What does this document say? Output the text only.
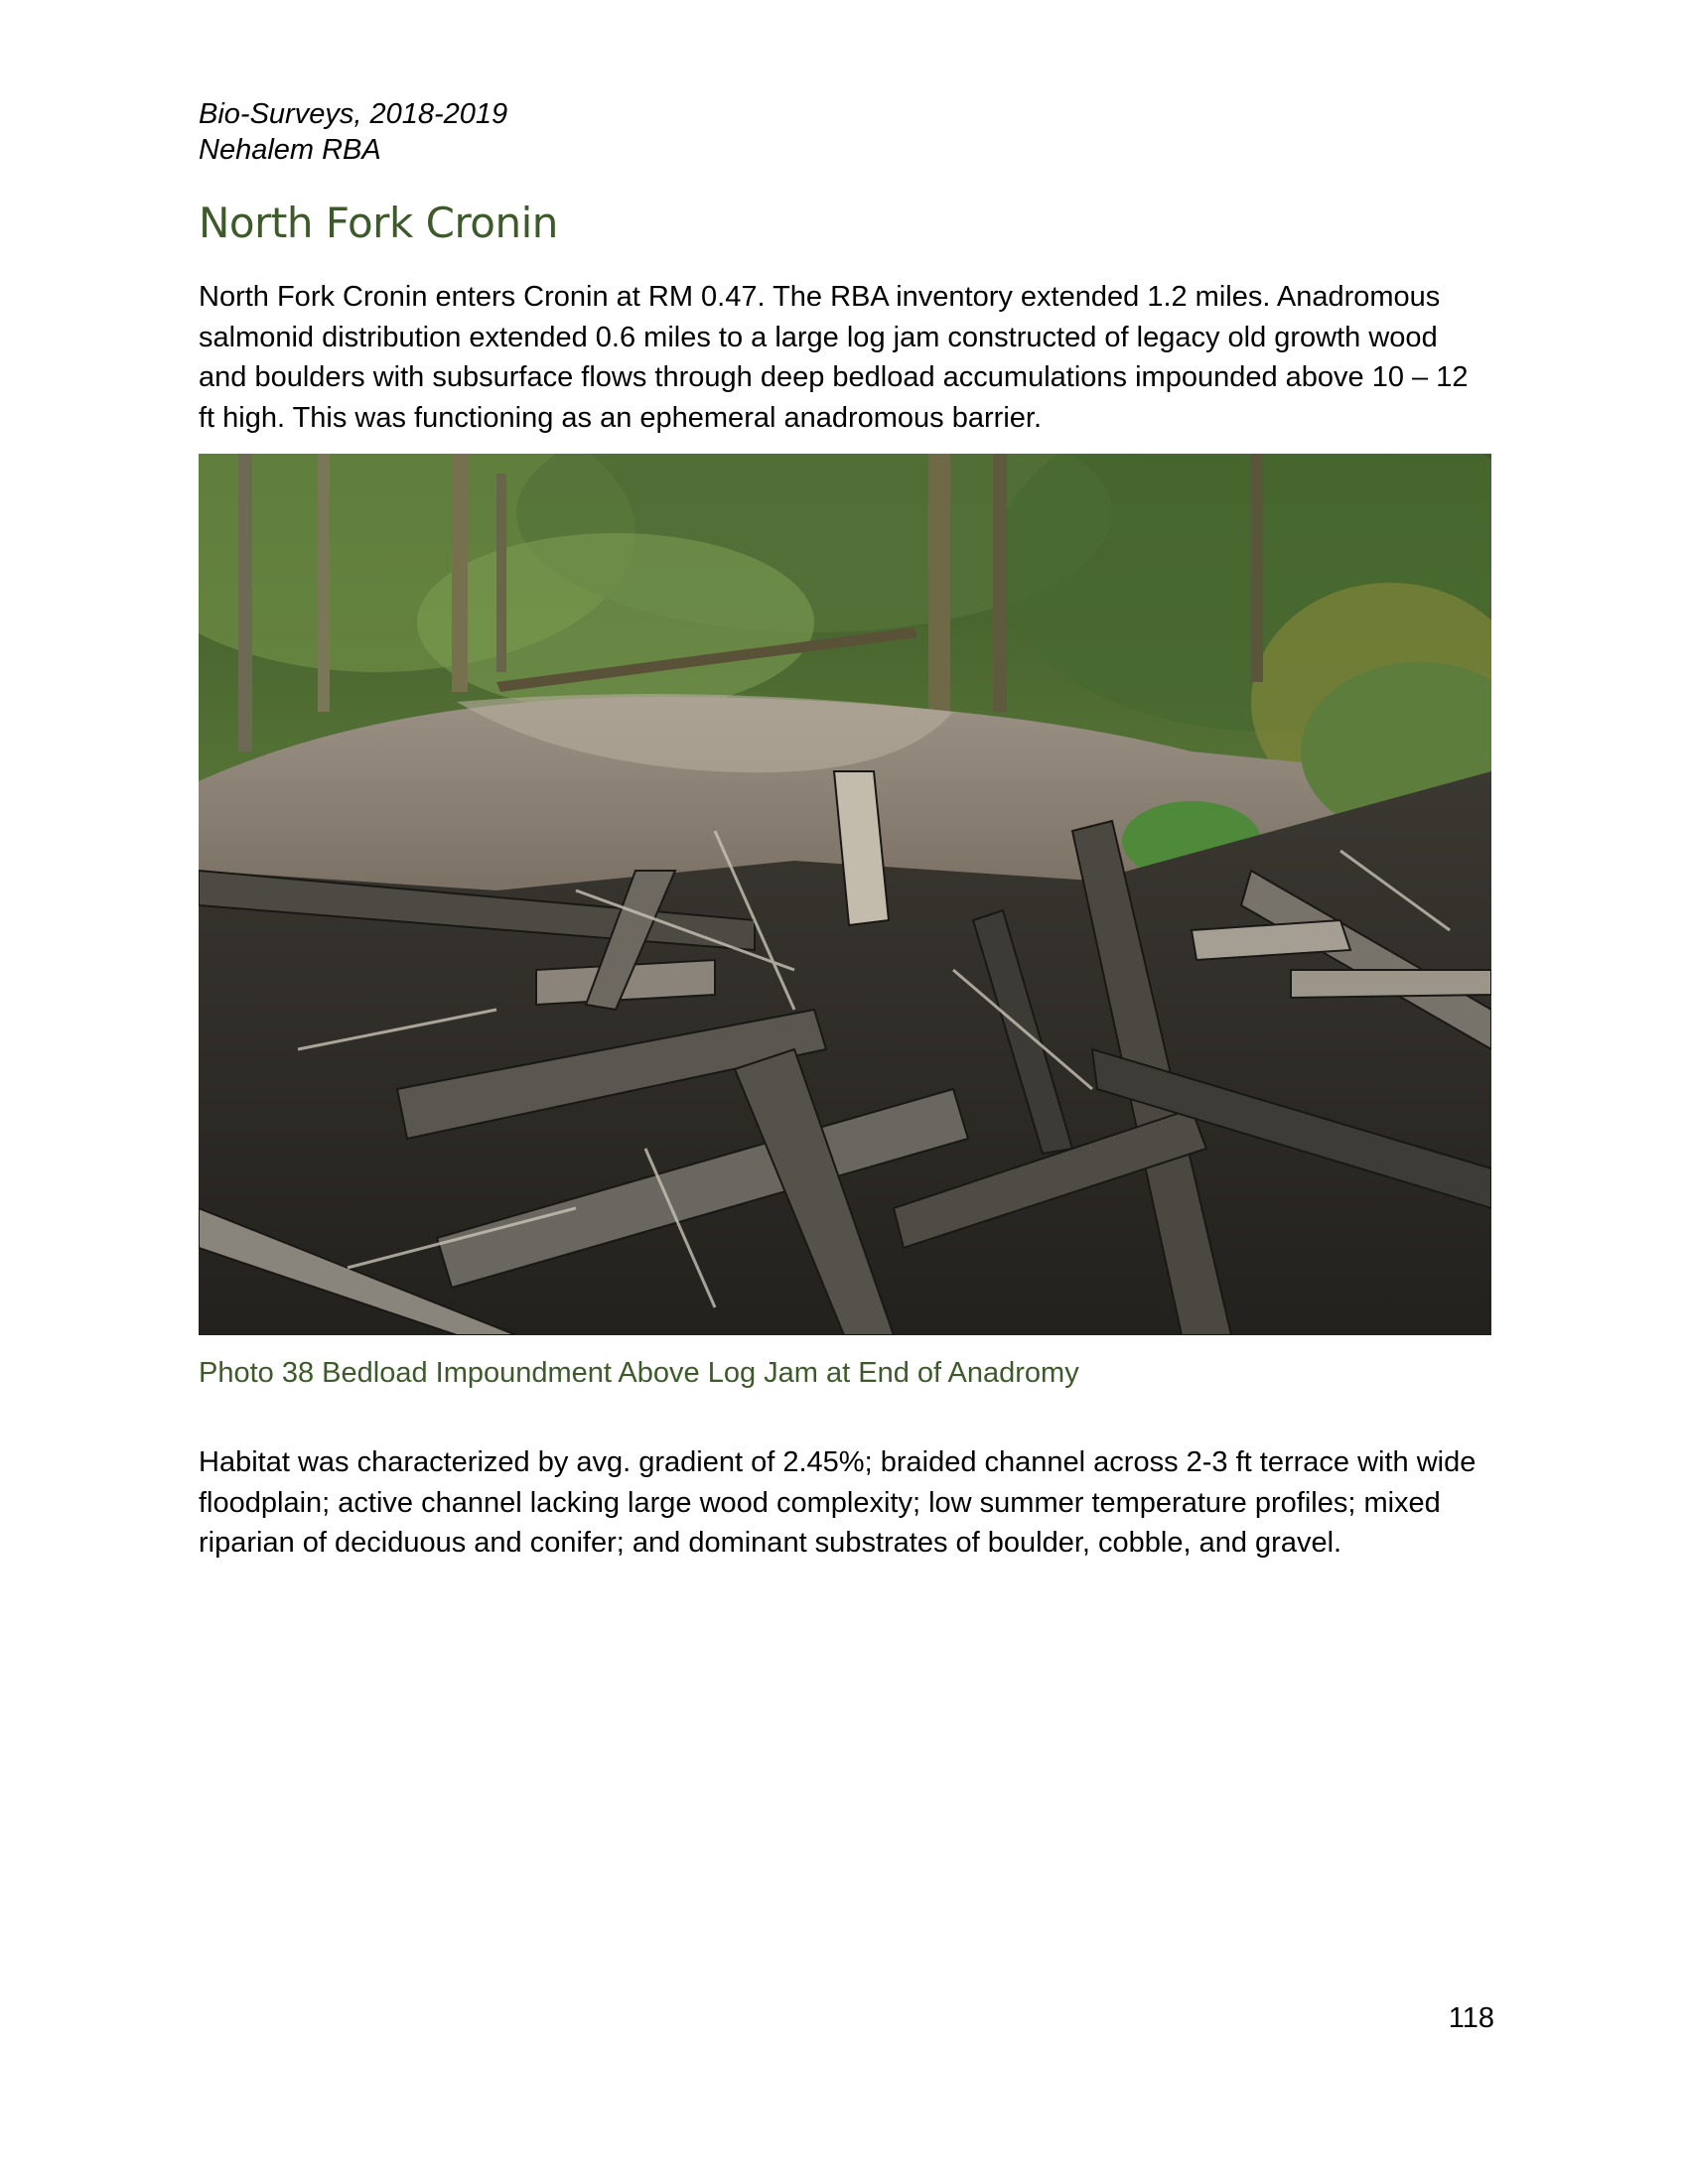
Bio-Surveys, 2018-2019
Nehalem RBA
North Fork Cronin

North Fork Cronin enters Cronin at RM 0.47. The RBA inventory extended 1.2 miles. Anadromous salmonid distribution extended 0.6 miles to a large log jam constructed of legacy old growth wood and boulders with subsurface flows through deep bedload accumulations impounded above 10 – 12 ft high. This was functioning as an ephemeral anadromous barrier.

Photo 38 Bedload Impoundment Above Log Jam at End of Anadromy

Habitat was characterized by avg. gradient of 2.45%; braided channel across 2-3 ft terrace with wide floodplain; active channel lacking large wood complexity; low summer temperature profiles; mixed riparian of deciduous and conifer; and dominant substrates of boulder, cobble, and gravel.

118
